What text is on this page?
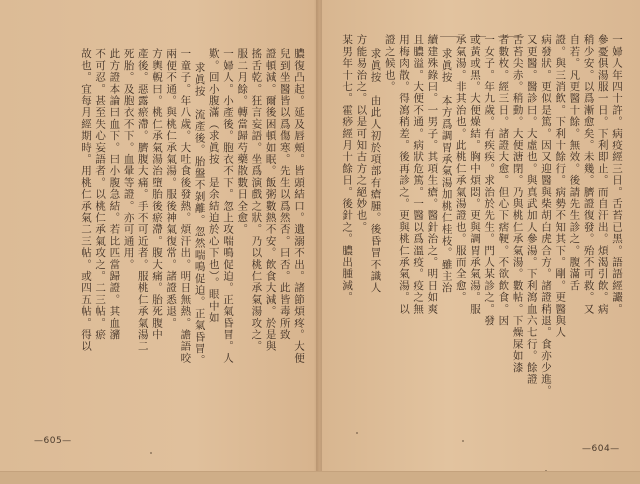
膿復凸起。延及唇頰。皆頭結口。遺溺不出。諸節煩疼。大便
兒到坐醫皆以爲傷寒。先生以爲然否。曰否。此皆毒所致
證頓減。爾後困頓如眠。飯粥數熱不安。飲食大減。於是與
搖舌乾。狂言妄語。坐爲演戲之狀。乃以桃仁承氣湯攻之。
服二月餘。轉當歸芍藥散數日全愈。
一婦人。小產後。胞衣不下。忽上攻喘鳴促迫。正氣昏冒。人
歎。回小腹滿（求眞按　是余結迫於心下也）。眼中如
求眞按　流產後。胎盤不剝離。忽然喘鳴促迫。正氣昏冒。
一童子。年八歲。大吐食後發熱。煩汗出。明日無熱。譫語咬
兩便不通。與桃仁承氣湯。服後神氣復常。諸證悉退。
方輿輗曰。桃仁承氣湯治墮胎後瘀滯。腹大痛。胎死腹中
產後。惡露瘀滯。臍腹大痛。手不可近者。服桃仁承氣湯二
死胎。及胞衣不下。血暈等證。亦可通用。
此方證本論曰血下。曰小腹急結。若比匹當歸證。其血瀦
不可忍。甚至失心妄語者。以桃仁承氣攻之。二三帖。瘀
故也。宜每月經期時。用桃仁承氣二三帖。或四五帖。得以
—605—
一婦人年四十許。病疫經三日。舌苔已黑。語語經讝。
參憂俱湯服一日。下利即止。而自汗出。煩渴引飲。病
稍少安。以爲漸愈矣。未幾。臍證復發。殆不可救。又
自若。凡更醫十餘。無效。後請先生診之。腹滿舌
證。與三消飲。下利十餘行。病勢不知其下。剛。更醫與人
病發狀。更似是篤。因又迎醫與柴胡白虎合方。諸證稍退。食亦少進。
又更醫。醫診曰。大虛也。與真武加人參湯。下利瀉血六七行。餘證
舌苔尖赤。稍動。大便溏閉。乃與桃仁承氣湯。數帖。下燥屎如漆
者數枚。經三日。諸證大愈。但心下痞鞕。不欲飲食。因
一女子。年九歲。有疾疾。求治於先生。門人某診之。發
或黃或黑。大便燥結。胸中煩悶。更與調胃承氣湯。服
承氣湯。非其治也。此桃仁承氣湯證也。服而全愈。
求眞按　本方爲調胃承氣湯加桃仁桂枝。雖主治
續建殊錄曰。一男子。其項生瘡。醫針治之。明日如爽
且膿溢。大便不通。病狀危篤。一醫以爲溫疫。疫之無
用梅肉散。得瀉稍差。後再診之。更與桃仁承氣湯。以
證之候也。
求眞按　由此人初於項部有瘡腫。後昏冒不識人
方能易治之。以是可知古方之絕妙也。
某男年十七。霍痧經月十餘日。後針之。膿出腫減。
—604—
